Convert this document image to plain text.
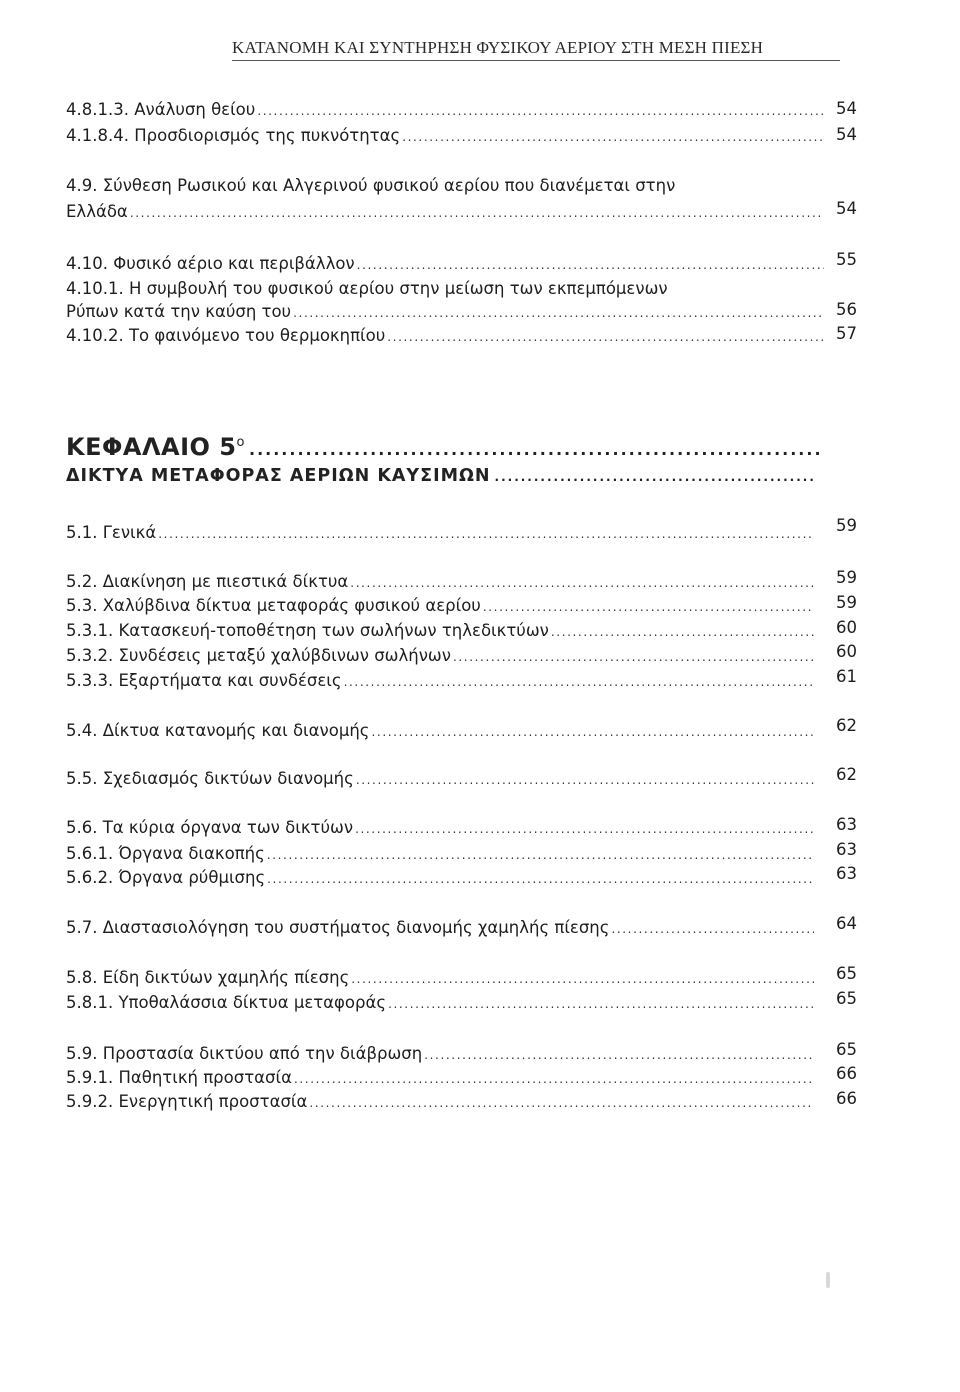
ΚΑΤΑΝΟΜΗ ΚΑΙ ΣΥΝΤΗΡΗΣΗ ΦΥΣΙΚΟΥ ΑΕΡΙΟΥ ΣΤΗ ΜΕΣΗ ΠΙΕΣΗ
4.8.1.3. Ανάλυση θείου .....	54
4.1.8.4. Προσδιορισμός της πυκνότητας .....	54
4.9. Σύνθεση Ρωσικού και Αλγερινού φυσικού αερίου που διανέμεται στην
Ελλάδα .....	54
4.10. Φυσικό αέριο και περιβάλλον .....	55
4.10.1. Η συμβουλή του φυσικού αερίου στην μείωση των εκπεμπόμενων
Ρύπων κατά την καύση του .....	56
4.10.2. Το φαινόμενο του θερμοκηπίου .....	57
ΚΕΦΑΛΑΙΟ $5^o$
.....
ΔΙΚΤΥΑ ΜΕΤΑΦΟΡΑΣ ΑΕΡΙΩΝ ΚΑΥΣΙΜΩΝ
.....
5.1. Γενικά .....	59
5.2. Διακίνηση με πιεστικά δίκτυα .....	59
5.3. Χαλύβδινα δίκτυα μεταφοράς φυσικού αερίου .....	59
5.3.1. Κατασκευή-τοποθέτηση των σωλήνων τηλεδικτύων .....	60
5.3.2. Συνδέσεις μεταξύ χαλύβδινων σωλήνων .....	60
5.3.3. Εξαρτήματα και συνδέσεις .....	61
5.4. Δίκτυα κατανομής και διανομής .....	62
5.5. Σχεδιασμός δικτύων διανομής .....	62
5.6. Τα κύρια όργανα των δικτύων .....	63
5.6.1. Όργανα διακοπής .....	63
5.6.2. Όργανα ρύθμισης .....	63
5.7. Διαστασιολόγηση του συστήματος διανομής χαμηλής πίεσης .....	64
5.8. Είδη δικτύων χαμηλής πίεσης .....	65
5.8.1. Υποθαλάσσια δίκτυα μεταφοράς .....	65
5.9. Προστασία δικτύου από την διάβρωση .....	65
5.9.1. Παθητική προστασία .....	66
5.9.2. Ενεργητική προστασία .....	66
